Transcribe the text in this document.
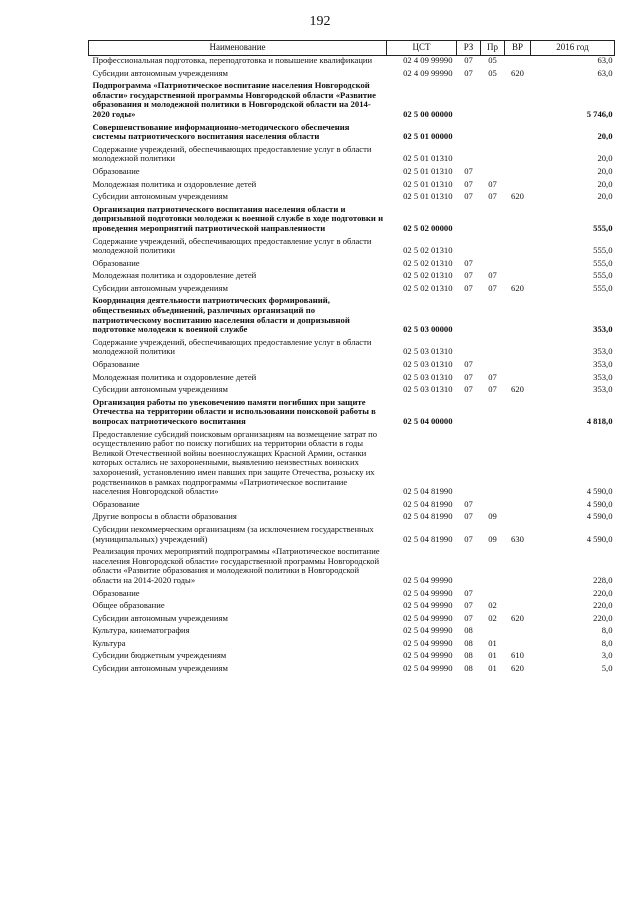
192
Наименование	ЦСТ	РЗ	Пр	ВР	2016 год
Профессиональная подготовка, переподготовка и повышение квалификации	02 4 09 99990	07	05		63,0
Субсидии автономным учреждениям	02 4 09 99990	07	05	620	63,0
Подпрограмма «Патриотическое воспитание населения Новгородской области» государственной программы Новгородской области «Развитие образования и молодежной политики в Новгородской области на 2014-2020 годы»	02 5 00 00000				5 746,0
Совершенствование информационно-методического обеспечения системы патриотического воспитания населения области	02 5 01 00000				20,0
Содержание учреждений, обеспечивающих предоставление услуг в области молодежной политики	02 5 01 01310				20,0
Образование	02 5 01 01310	07			20,0
Молодежная политика и оздоровление детей	02 5 01 01310	07	07		20,0
Субсидии автономным учреждениям	02 5 01 01310	07	07	620	20,0
Организация патриотического воспитания населения области и допризывной подготовки молодежи к военной службе в ходе подготовки и проведения мероприятий патриотической направленности	02 5 02 00000				555,0
Содержание учреждений, обеспечивающих предоставление услуг в области молодежной политики	02 5 02 01310				555,0
Образование	02 5 02 01310	07			555,0
Молодежная политика и оздоровление детей	02 5 02 01310	07	07		555,0
Субсидии автономным учреждениям	02 5 02 01310	07	07	620	555,0
Координация деятельности патриотических формирований, общественных объединений, различных организаций по патриотическому воспитанию населения области и допризывной подготовке молодежи к военной службе	02 5 03 00000				353,0
Содержание учреждений, обеспечивающих предоставление услуг в области молодежной политики	02 5 03 01310				353,0
Образование	02 5 03 01310	07			353,0
Молодежная политика и оздоровление детей	02 5 03 01310	07	07		353,0
Субсидии автономным учреждениям	02 5 03 01310	07	07	620	353,0
Организация работы по увековечению памяти погибших при защите Отечества на территории области и использовании поисковой работы в вопросах патриотического воспитания	02 5 04 00000				4 818,0
Предоставление субсидий поисковым организациям на возмещение затрат по осуществлению работ по поиску погибших на территории области в годы Великой Отечественной войны военнослужащих Красной Армии, останки которых остались не захороненными, выявлению неизвестных воинских захоронений, установлению имен павших при защите Отечества, розыску их родственников в рамках подпрограммы «Патриотическое воспитание населения Новгородской области»	02 5 04 81990				4 590,0
Образование	02 5 04 81990	07			4 590,0
Другие вопросы в области образования	02 5 04 81990	07	09		4 590,0
Субсидии некоммерческим организациям (за исключением государственных (муниципальных) учреждений)	02 5 04 81990	07	09	630	4 590,0
Реализация прочих мероприятий подпрограммы «Патриотическое воспитание населения Новгородской области» государственной программы Новгородской области «Развитие образования и молодежной политики в Новгородской области на 2014-2020 годы»	02 5 04 99990				228,0
Образование	02 5 04 99990	07			220,0
Общее образование	02 5 04 99990	07	02		220,0
Субсидии автономным учреждениям	02 5 04 99990	07	02	620	220,0
Культура, кинематография	02 5 04 99990	08			8,0
Культура	02 5 04 99990	08	01		8,0
Субсидии бюджетным учреждениям	02 5 04 99990	08	01	610	3,0
Субсидии автономным учреждениям	02 5 04 99990	08	01	620	5,0
